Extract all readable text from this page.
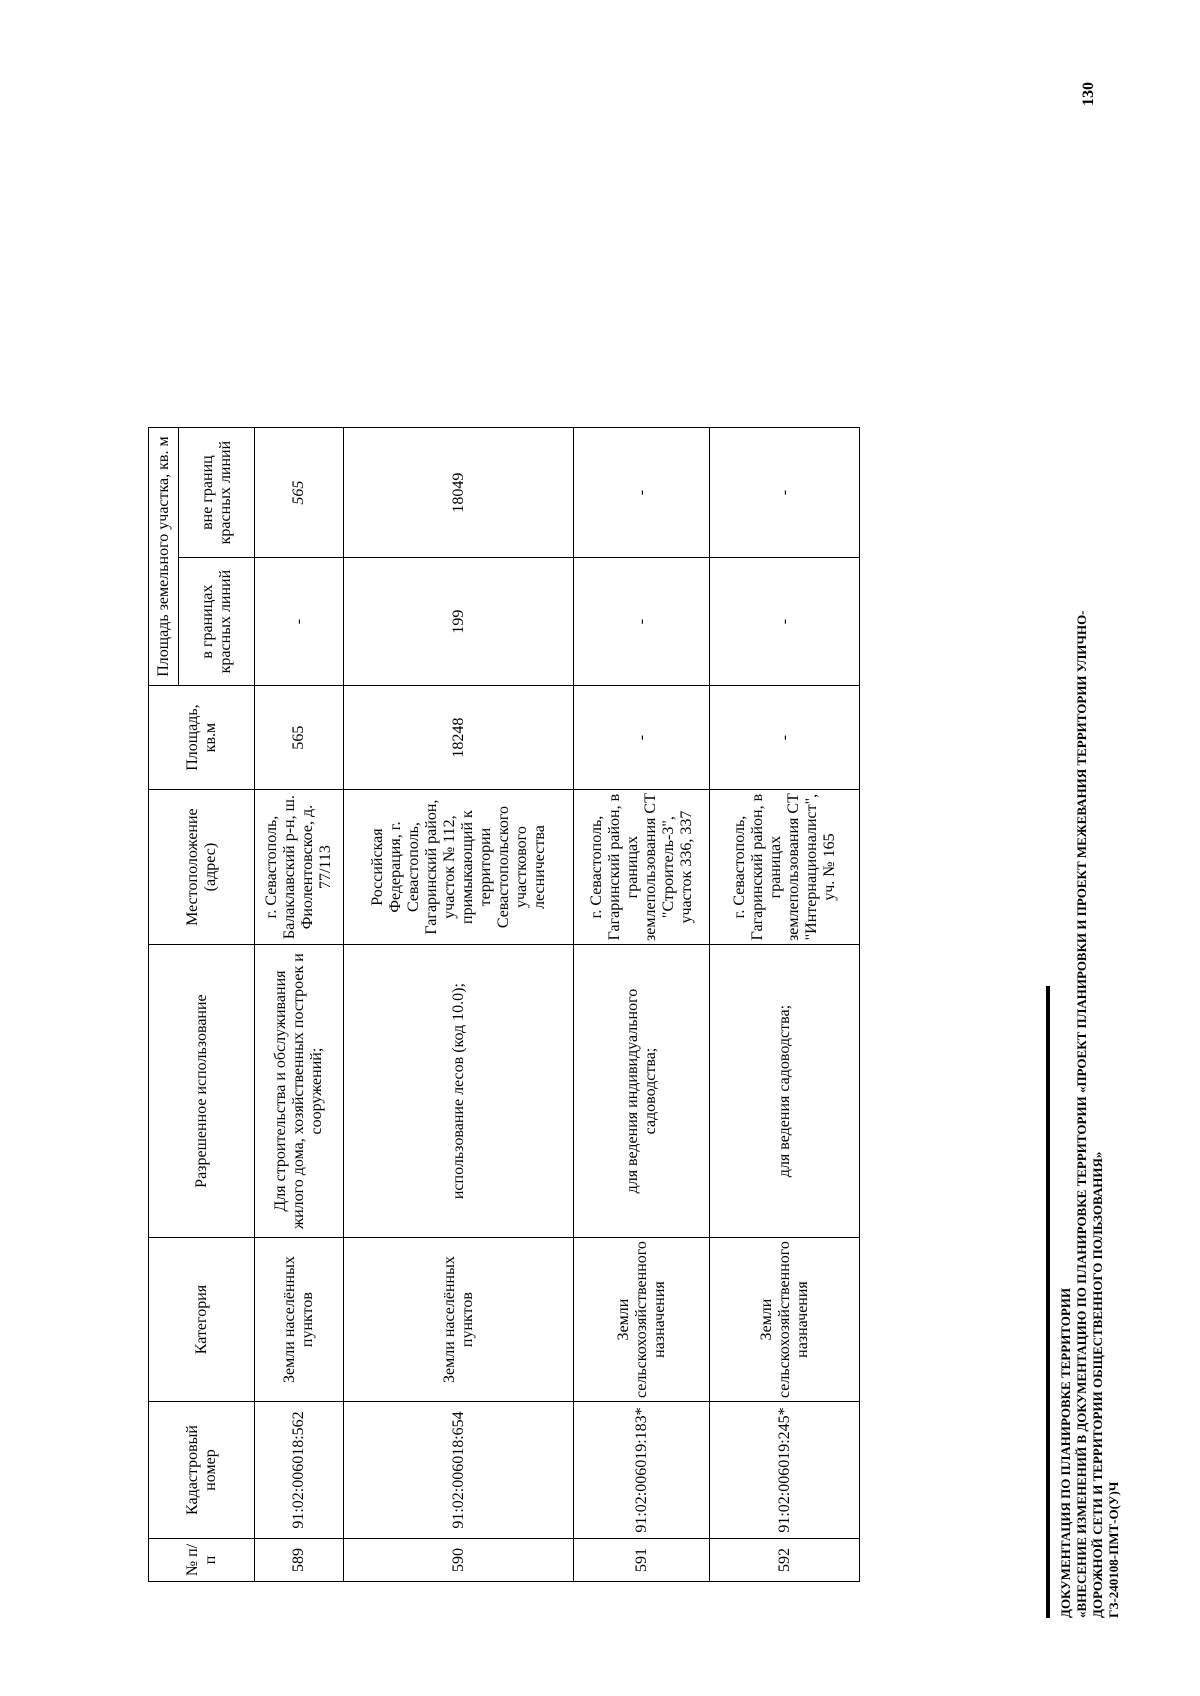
ДОКУМЕНТАЦИЯ ПО ПЛАНИРОВКЕ ТЕРРИТОРИИ «ВНЕСЕНИЕ ИЗМЕНЕНИЙ В ДОКУМЕНТАЦИЮ ПО ПЛАНИРОВКЕ ТЕРРИТОРИИ «ПРОЕКТ ПЛАНИРОВКИ И ПРОЕКТ МЕЖЕВАНИЯ ТЕРРИТОРИИ УЛИЧНО- ДОРОЖНОЙ СЕТИ И ТЕРРИТОРИИ ОБЩЕСТВЕННОГО ПОЛЬЗОВАНИЯ» ГЗ-240108-ПМТ-О(У)Ч
130
№ п/п	Кадастровый номер	Категория	Разрешенное использование	Местоположение (адрес)	Площадь, кв.м	Площадь земельного участка, кв. м	
						в границах красных линий	вне границ красных линий
589	91:02:006018:562	Земли населённых пунктов	Для строительства и обслуживания жилого дома, хозяйственных построек и сооружений;	г. Севастополь, Балаклавский р-н, ш. Фиолентовское, д. 77/113	565	-	565
590	91:02:006018:654	Земли населённых пунктов	использование лесов (код 10.0);	Российская Федерация, г. Севастополь, Гагаринский район, участок № 112, примыкающий к территории Севастопольского участкового лесничества	18248	199	18049
591	91:02:006019:183*	Земли сельскохозяйственного назначения	для ведения индивидуального садоводства;	г. Севастополь, Гагаринский район, в границах землепользования СТ "Строитель-3", участок 336, 337	-	-	-
592	91:02:006019:245*	Земли сельскохозяйственного назначения	для ведения садоводства;	г. Севастополь, Гагаринский район, в границах землепользования СТ "Интернационалист", уч. № 165	-	-	-
